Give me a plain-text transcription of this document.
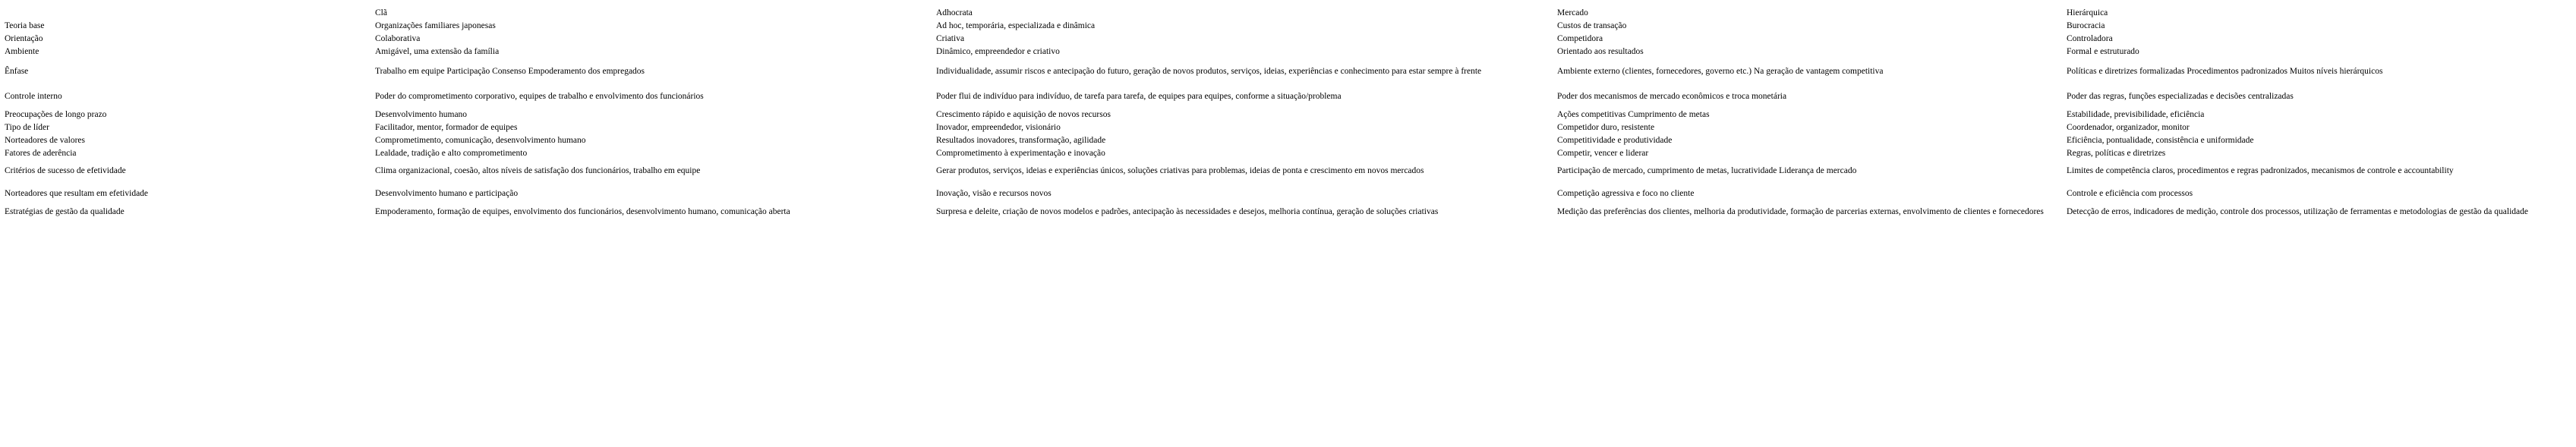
	Clã	Adhocrata	Mercado	Hierárquica
Teoria base	Organizações familiares japonesas	Ad hoc, temporária, especializada e dinâmica	Custos de transação	Burocracia
Orientação	Colaborativa	Criativa	Competidora	Controladora
Ambiente	Amigável, uma extensão da família	Dinâmico, empreendedor e criativo	Orientado aos resultados	Formal e estruturado
Ênfase	Trabalho em equipe Participação Consenso Empoderamento dos empregados	Individualidade, assumir riscos e antecipação do futuro, geração de novos produtos, serviços, ideias, experiências e conhecimento para estar sempre à frente	Ambiente externo (clientes, fornecedores, governo etc.) Na geração de vantagem competitiva	Políticas e diretrizes formalizadas Procedimentos padronizados Muitos níveis hierárquicos
Controle interno	Poder do comprometimento corporativo, equipes de trabalho e envolvimento dos funcionários	Poder flui de indivíduo para indivíduo, de tarefa para tarefa, de equipes para equipes, conforme a situação/problema	Poder dos mecanismos de mercado econômicos e troca monetária	Poder das regras, funções especializadas e decisões centralizadas
Preocupações de longo prazo	Desenvolvimento humano	Crescimento rápido e aquisição de novos recursos	Ações competitivas Cumprimento de metas	Estabilidade, previsibilidade, eficiência
Tipo de líder	Facilitador, mentor, formador de equipes	Inovador, empreendedor, visionário	Competidor duro, resistente	Coordenador, organizador, monitor
Norteadores de valores	Comprometimento, comunicação, desenvolvimento humano	Resultados inovadores, transformação, agilidade	Competitividade e produtividade	Eficiência, pontualidade, consistência e uniformidade
Fatores de aderência	Lealdade, tradição e alto comprometimento	Comprometimento à experimentação e inovação	Competir, vencer e liderar	Regras, políticas e diretrizes
Critérios de sucesso de efetividade	Clima organizacional, coesão, altos níveis de satisfação dos funcionários, trabalho em equipe	Gerar produtos, serviços, ideias e experiências únicos, soluções criativas para problemas, ideias de ponta e crescimento em novos mercados	Participação de mercado, cumprimento de metas, lucratividade Liderança de mercado	Limites de competência claros, procedimentos e regras padronizados, mecanismos de controle e accountability
Norteadores que resultam em efetividade	Desenvolvimento humano e participação	Inovação, visão e recursos novos	Competição agressiva e foco no cliente	Controle e eficiência com processos
Estratégias de gestão da qualidade	Empoderamento, formação de equipes, envolvimento dos funcionários, desenvolvimento humano, comunicação aberta	Surpresa e deleite, criação de novos modelos e padrões, antecipação às necessidades e desejos, melhoria contínua, geração de soluções criativas	Medição das preferências dos clientes, melhoria da produtividade, formação de parcerias externas, envolvimento de clientes e fornecedores	Detecção de erros, indicadores de medição, controle dos processos, utilização de ferramentas e metodologias de gestão da qualidade
